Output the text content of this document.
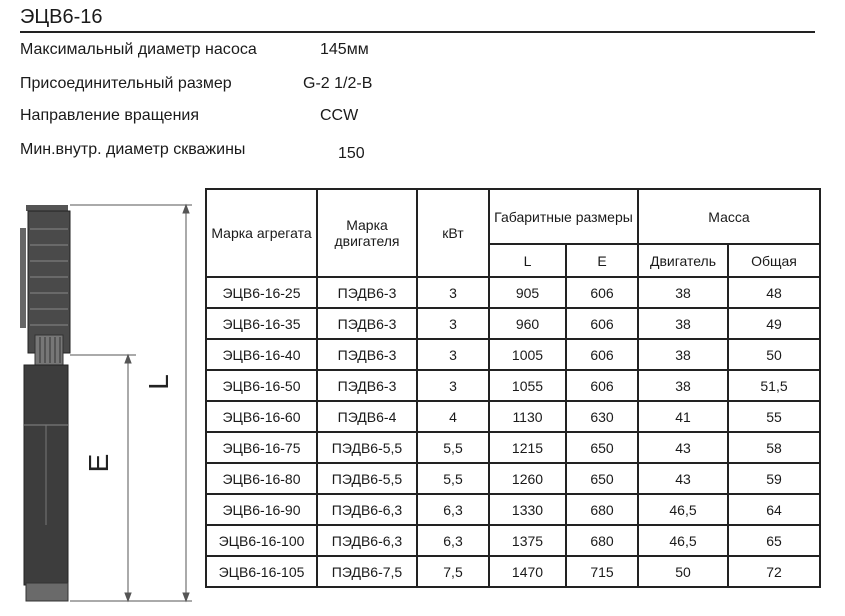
ЭЦВ6-16
Максимальный диаметр насоса	145мм
Присоединительный размер	G-2 1/2-В
Направление вращения	CCW
Мин.внутр. диаметр скважины	150
L
E
Марка агрегата	Марка двигателя	кВт	Габаритные размеры		Масса	
			L	E	Двигатель	Общая
ЭЦВ6-16-25	ПЭДВ6-3	3	905	606	38	48
ЭЦВ6-16-35	ПЭДВ6-3	3	960	606	38	49
ЭЦВ6-16-40	ПЭДВ6-3	3	1005	606	38	50
ЭЦВ6-16-50	ПЭДВ6-3	3	1055	606	38	51,5
ЭЦВ6-16-60	ПЭДВ6-4	4	1130	630	41	55
ЭЦВ6-16-75	ПЭДВ6-5,5	5,5	1215	650	43	58
ЭЦВ6-16-80	ПЭДВ6-5,5	5,5	1260	650	43	59
ЭЦВ6-16-90	ПЭДВ6-6,3	6,3	1330	680	46,5	64
ЭЦВ6-16-100	ПЭДВ6-6,3	6,3	1375	680	46,5	65
ЭЦВ6-16-105	ПЭДВ6-7,5	7,5	1470	715	50	72
